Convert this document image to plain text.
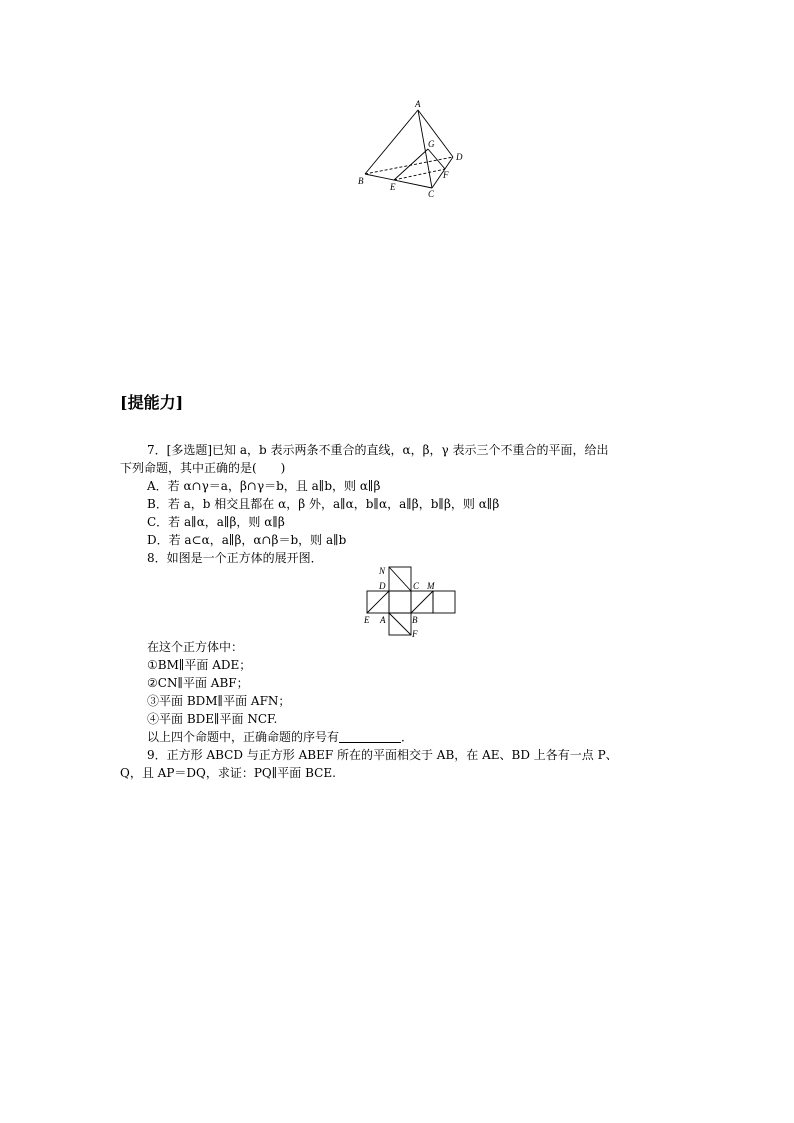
A
B
C
D
E
F
G
[提能力]
7．[多选题]已知 a，b 表示两条不重合的直线，α，β，γ 表示三个不重合的平面，给出
下列命题，其中正确的是(　　)
A．若 α∩γ＝a，β∩γ＝b，且 a∥b，则 α∥β
B．若 a，b 相交且都在 α，β 外，a∥α，b∥α，a∥β，b∥β，则 α∥β
C．若 a∥α，a∥β，则 α∥β
D．若 a⊂α，a∥β，α∩β＝b，则 a∥b
8．如图是一个正方体的展开图．
N
D	C M
E A	B
F
在这个正方体中：
①BM∥平面 ADE；
②CN∥平面 ABF；
③平面 BDM∥平面 AFN；
④平面 BDE∥平面 NCF.
以上四个命题中，正确命题的序号有	．
9．正方形 ABCD 与正方形 ABEF 所在的平面相交于 AB，在 AE、BD 上各有一点 P、
Q，且 AP＝DQ，求证：PQ∥平面 BCE.
